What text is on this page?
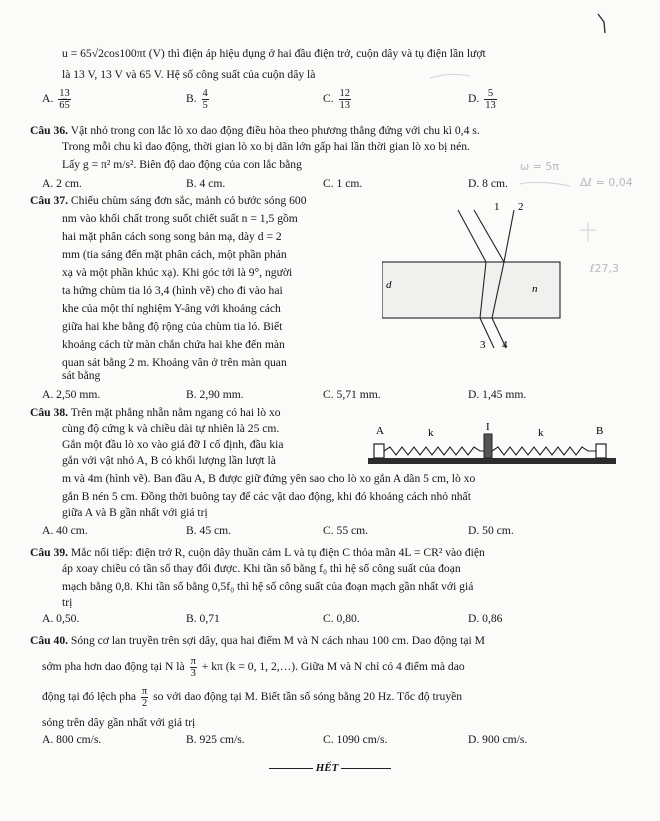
Δℓ = 0,04
ℓ27,3
ω = 5π
u = 65√2cos100πt (V) thì điện áp hiệu dụng ở hai đầu điện trở, cuộn dây và tụ điện lần lượt
là 13 V, 13 V và 65 V. Hệ số công suất của cuộn dây là
A. $\frac{13}{65}$	B. $\frac{4}{5}$	C. $\frac{12}{13}$	D. $\frac{5}{13}$
Câu 36. Vật nhỏ trong con lắc lò xo dao động điều hòa theo phương thẳng đứng với chu kì 0,4 s.
Trong mỗi chu kì dao động, thời gian lò xo bị dãn lớn gấp hai lần thời gian lò xo bị nén.
Lấy g = π² m/s². Biên độ dao động của con lắc bằng
A. 2 cm.	B. 4 cm.	C. 1 cm.	D. 8 cm.
Câu 37. Chiếu chùm sáng đơn sắc, mảnh có bước sóng 600
nm vào khối chất trong suốt chiết suất n = 1,5 gồm
hai mặt phân cách song song bản mạ, dày d = 2
mm (tia sáng đến mặt phân cách, một phần phản
xạ và một phần khúc xạ). Khi góc tới là 9°, người
ta hứng chùm tia ló 3,4 (hình vẽ) cho đi vào hai
khe của một thí nghiệm Y-âng với khoảng cách
giữa hai khe bằng độ rộng của chùm tia ló. Biết
khoảng cách từ màn chắn chứa hai khe đến màn
quan sát bằng 2 m. Khoảng vân ở trên màn quan
sát bằng
1 2
3 4
d	n
A. 2,50 mm.	B. 2,90 mm.	C. 5,71 mm.	D. 1,45 mm.
Câu 38. Trên mặt phẳng nhẵn nằm ngang có hai lò xo
cùng độ cứng k và chiều dài tự nhiên là 25 cm.
Gắn một đầu lò xo vào giá đỡ I cố định, đầu kia
gắn với vật nhỏ A, B có khối lượng lần lượt là
A	k	I	k	B
m và 4m (hình vẽ). Ban đầu A, B được giữ đứng yên sao cho lò xo gắn A dãn 5 cm, lò xo
gắn B nén 5 cm. Đồng thời buông tay để các vật dao động, khi đó khoảng cách nhỏ nhất
giữa A và B gần nhất với giá trị
A. 40 cm.	B. 45 cm.	C. 55 cm.	D. 50 cm.
Câu 39. Mắc nối tiếp: điện trở R, cuộn dây thuần cảm L và tụ điện C thỏa mãn 4L = CR² vào điện
áp xoay chiều có tần số thay đổi được. Khi tần số bằng f₀ thì hệ số công suất của đoạn
mạch bằng 0,8. Khi tần số bằng 0,5f₀ thì hệ số công suất của đoạn mạch gần nhất với giá
trị
A. 0,50.	B. 0,71	C. 0,80.	D. 0,86
Câu 40. Sóng cơ lan truyền trên sợi dây, qua hai điểm M và N cách nhau 100 cm. Dao động tại M
sớm pha hơn dao động tại N là $\frac{\pi}{3} + k\pi$ (k = 0, 1, 2,…). Giữa M và N chỉ có 4 điểm mà dao
động tại đó lệch pha $\frac{\pi}{2}$ so với dao động tại M. Biết tần số sóng bằng 20 Hz. Tốc độ truyền
sóng trên dây gần nhất với giá trị
A. 800 cm/s.	B. 925 cm/s.	C. 1090 cm/s.	D. 900 cm/s.
HẾT
